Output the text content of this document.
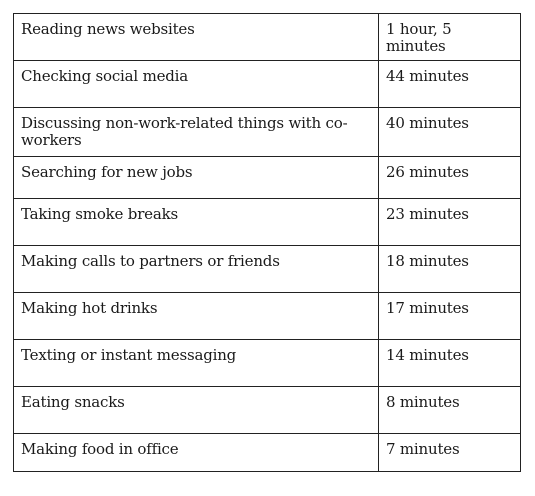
Reading news websites	1 hour, 5 minutes
Checking social media	44 minutes
Discussing non-work-related things with co-workers	40 minutes
Searching for new jobs	26 minutes
Taking smoke breaks	23 minutes
Making calls to partners or friends	18 minutes
Making hot drinks	17 minutes
Texting or instant messaging	14 minutes
Eating snacks	8 minutes
Making food in office	7 minutes
